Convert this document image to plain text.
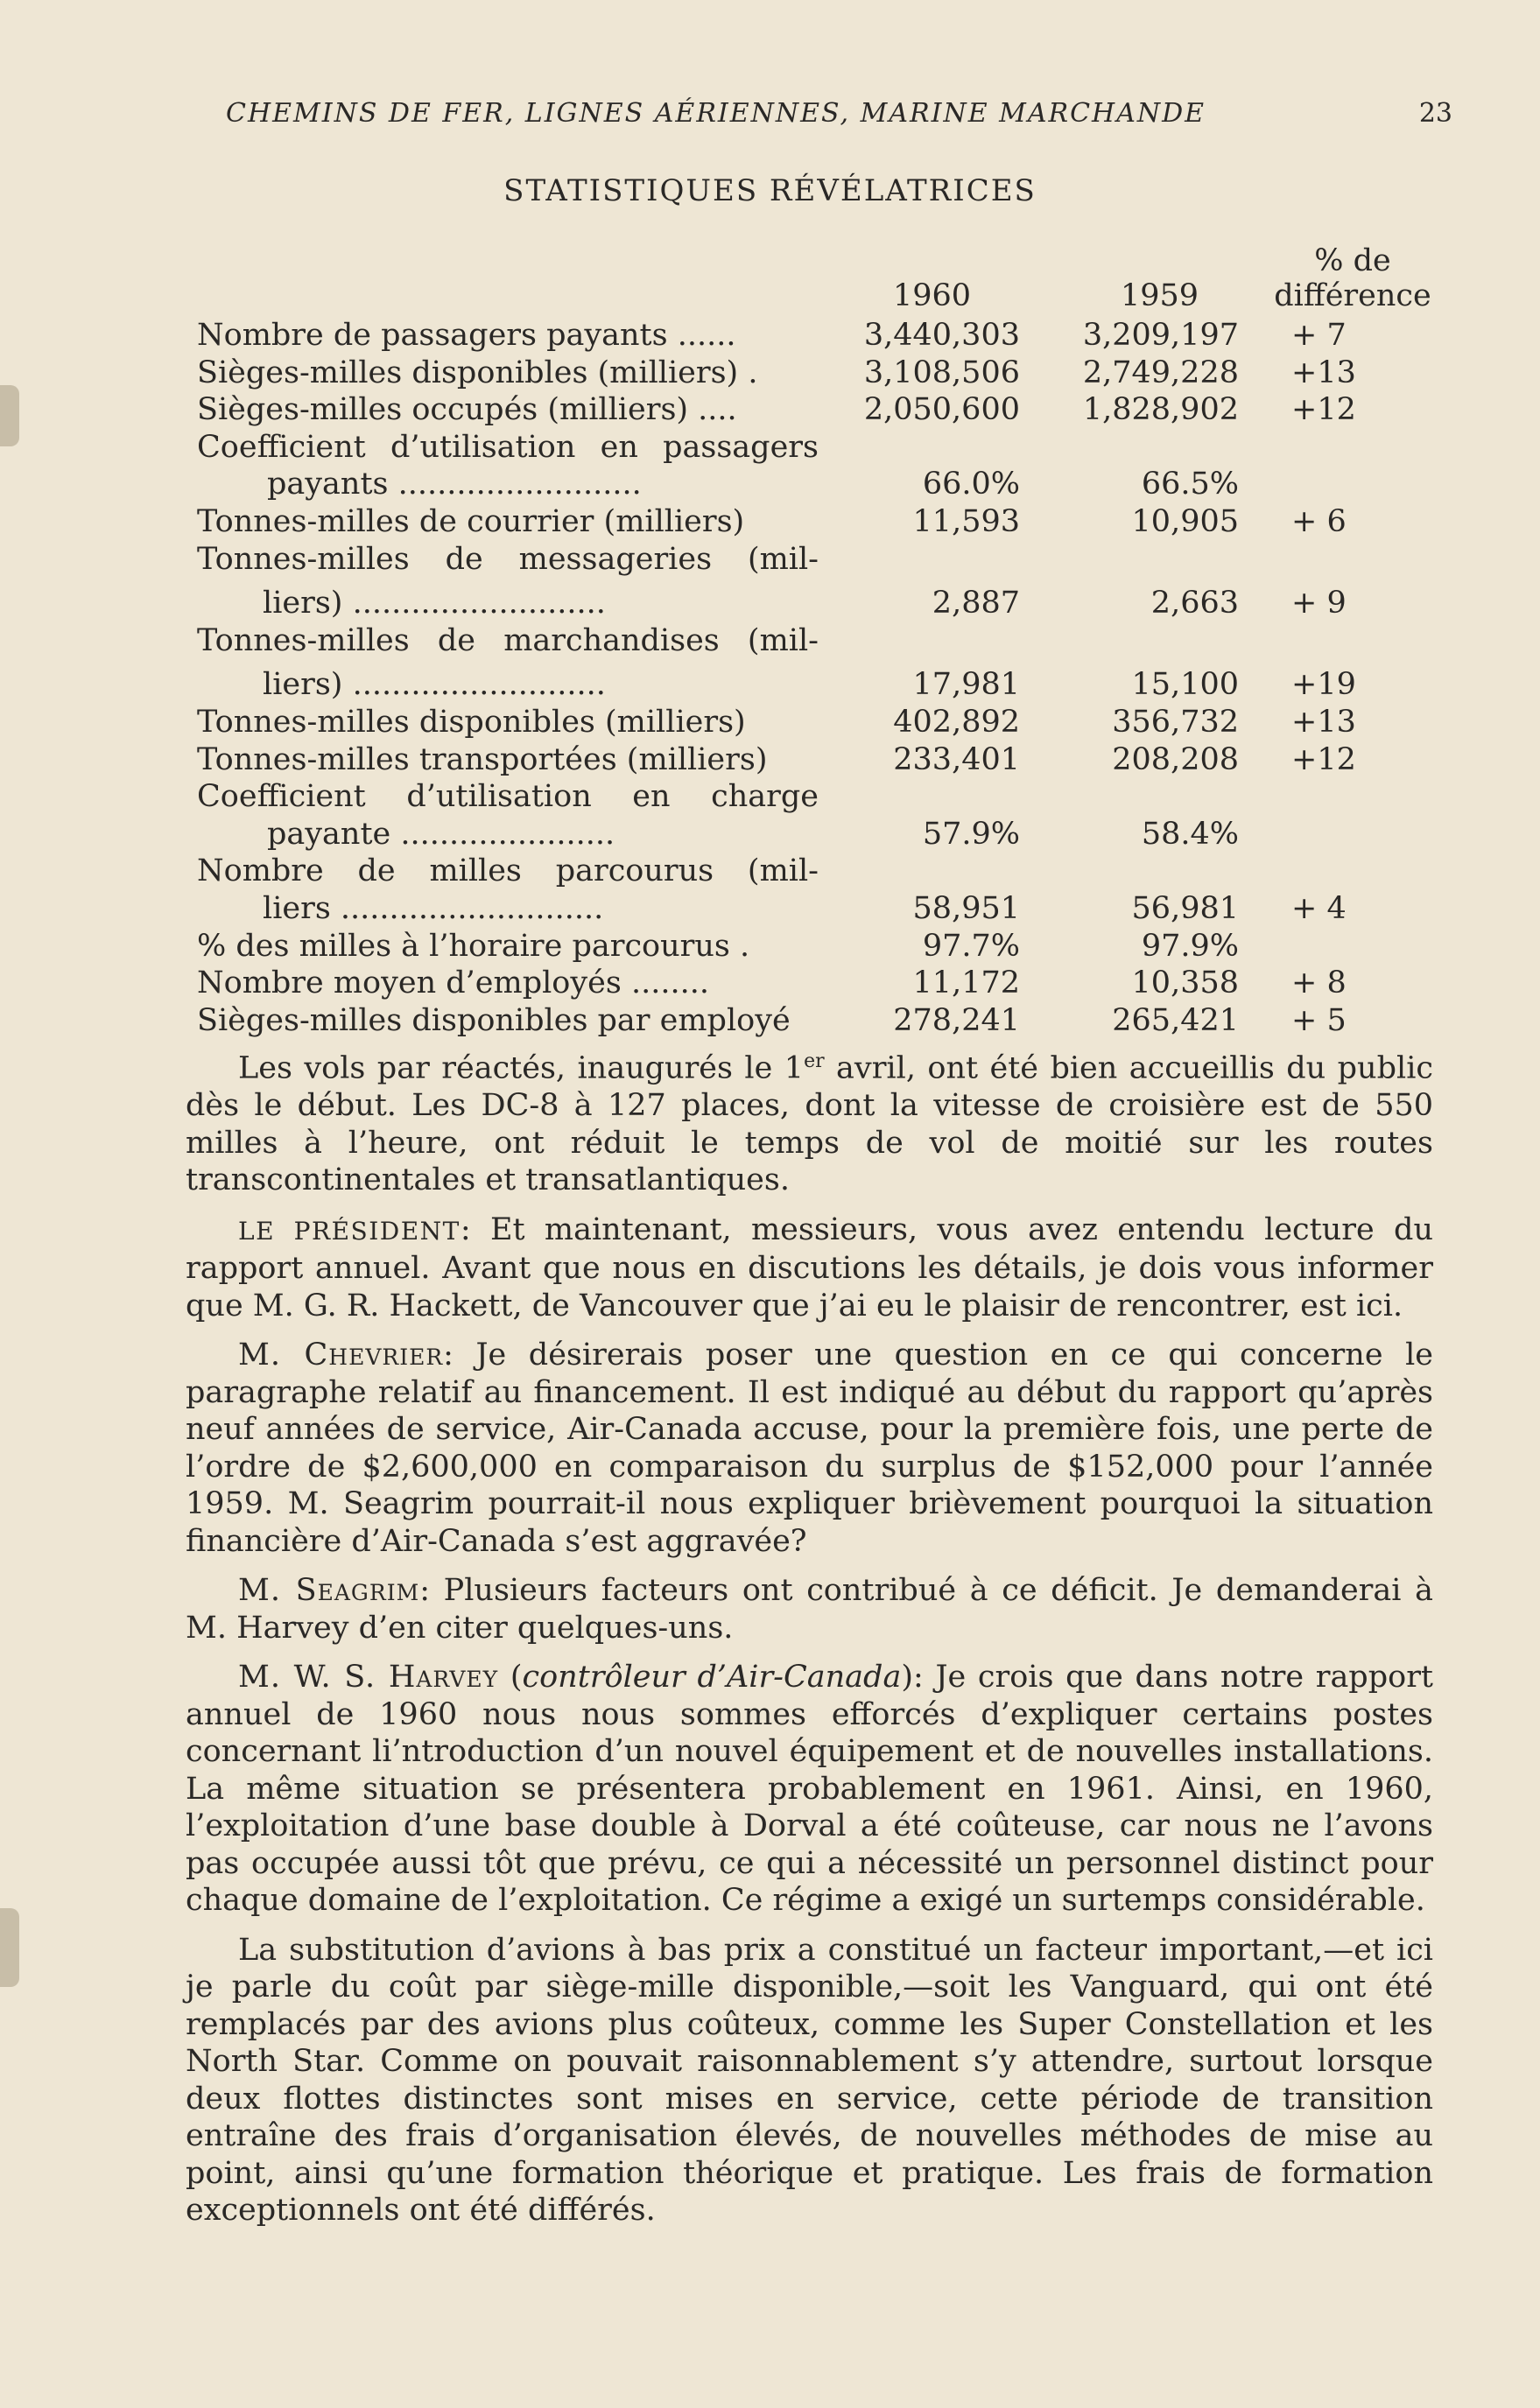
CHEMINS DE FER, LIGNES AÉRIENNES, MARINE MARCHANDE	23
STATISTIQUES RÉVÉLATRICES
1960	1959
% de
différence
Nombre de passagers payants ......	3,440,303	3,209,197 + 7
Sièges-milles disponibles (milliers) .	3,108,506	2,749,228 +13
Sièges-milles occupés (milliers) ....	2,050,600	1,828,902 +12
Coefficient d’utilisation en passagers
payants .........................	66.0%	66.5%
Tonnes-milles de courrier (milliers)	11,593	10,905 + 6
Tonnes-milles de messageries (mil-
liers) ..........................	2,887	2,663 + 9
Tonnes-milles de marchandises (mil-
liers) ..........................	17,981	15,100 +19
Tonnes-milles disponibles (milliers)	402,892	356,732 +13
Tonnes-milles transportées (milliers)	233,401	208,208 +12
Coefficient d’utilisation en charge
payante ......................	57.9%	58.4%
Nombre de milles parcourus (mil-
liers ...........................	58,951	56,981 + 4
% des milles à l’horaire parcourus .	97.7%	97.9%
Nombre moyen d’employés ........	11,172	10,358 + 8
Sièges-milles disponibles par employé	278,241	265,421 + 5

Les vols par réactés, inaugurés le 1er avril, ont été bien accueillis du public dès le début. Les DC-8 à 127 places, dont la vitesse de croisière est de 550 milles à l’heure, ont réduit le temps de vol de moitié sur les routes transcontinentales et transatlantiques.

LE PRÉSIDENT: Et maintenant, messieurs, vous avez entendu lecture du rapport annuel. Avant que nous en discutions les détails, je dois vous informer que M. G. R. Hackett, de Vancouver que j’ai eu le plaisir de rencontrer, est ici.

M. Chevrier: Je désirerais poser une question en ce qui concerne le paragraphe relatif au financement. Il est indiqué au début du rapport qu’après neuf années de service, Air-Canada accuse, pour la première fois, une perte de l’ordre de $2,600,000 en comparaison du surplus de $152,000 pour l’année 1959. M. Seagrim pourrait-il nous expliquer brièvement pourquoi la situation financière d’Air-Canada s’est aggravée?

M. Seagrim: Plusieurs facteurs ont contribué à ce déficit. Je demanderai à M. Harvey d’en citer quelques-uns.

M. W. S. Harvey (contrôleur d’Air-Canada): Je crois que dans notre rapport annuel de 1960 nous nous sommes efforcés d’expliquer certains postes concernant li’ntroduction d’un nouvel équipement et de nouvelles installations. La même situation se présentera probablement en 1961. Ainsi, en 1960, l’exploitation d’une base double à Dorval a été coûteuse, car nous ne l’avons pas occupée aussi tôt que prévu, ce qui a nécessité un personnel distinct pour chaque domaine de l’exploitation. Ce régime a exigé un surtemps considérable.

La substitution d’avions à bas prix a constitué un facteur important,—et ici je parle du coût par siège-mille disponible,—soit les Vanguard, qui ont été remplacés par des avions plus coûteux, comme les Super Constellation et les North Star. Comme on pouvait raisonnablement s’y attendre, surtout lorsque deux flottes distinctes sont mises en service, cette période de transition entraîne des frais d’organisation élevés, de nouvelles méthodes de mise au point, ainsi qu’une formation théorique et pratique. Les frais de formation exceptionnels ont été différés.
